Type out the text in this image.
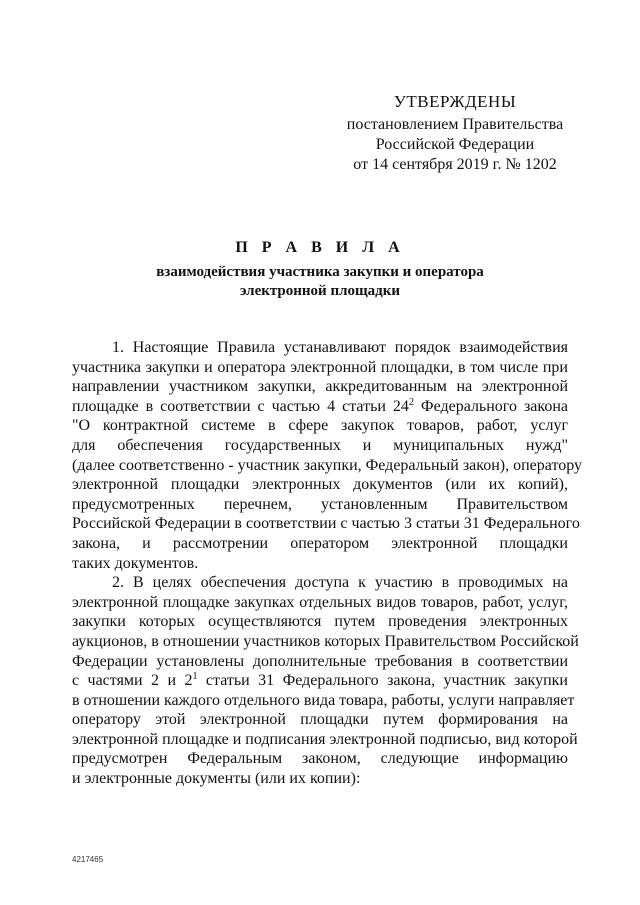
УТВЕРЖДЕНЫ
постановлением Правительства
Российской Федерации
от 14 сентября 2019 г. № 1202
П Р А В И Л А
взаимодействия участника закупки и оператора
электронной площадки
1. Настоящие Правила устанавливают порядок взаимодействия
участника закупки и оператора электронной площадки, в том числе при
направлении участником закупки, аккредитованным на электронной
площадке в соответствии с частью 4 статьи $24^2$ Федерального закона
"О контрактной системе в сфере закупок товаров, работ, услуг
для обеспечения государственных и муниципальных нужд"
(далее соответственно - участник закупки, Федеральный закон), оператору
электронной площадки электронных документов (или их копий),
предусмотренных перечнем, установленным Правительством
Российской Федерации в соответствии с частью 3 статьи 31 Федерального
закона, и рассмотрении оператором электронной площадки
таких документов.
2. В целях обеспечения доступа к участию в проводимых на
электронной площадке закупках отдельных видов товаров, работ, услуг,
закупки которых осуществляются путем проведения электронных
аукционов, в отношении участников которых Правительством Российской
Федерации установлены дополнительные требования в соответствии
с частями 2 и $2^1$ статьи 31 Федерального закона, участник закупки
в отношении каждого отдельного вида товара, работы, услуги направляет
оператору этой электронной площадки путем формирования на
электронной площадке и подписания электронной подписью, вид которой
предусмотрен Федеральным законом, следующие информацию
и электронные документы (или их копии):
4217465
